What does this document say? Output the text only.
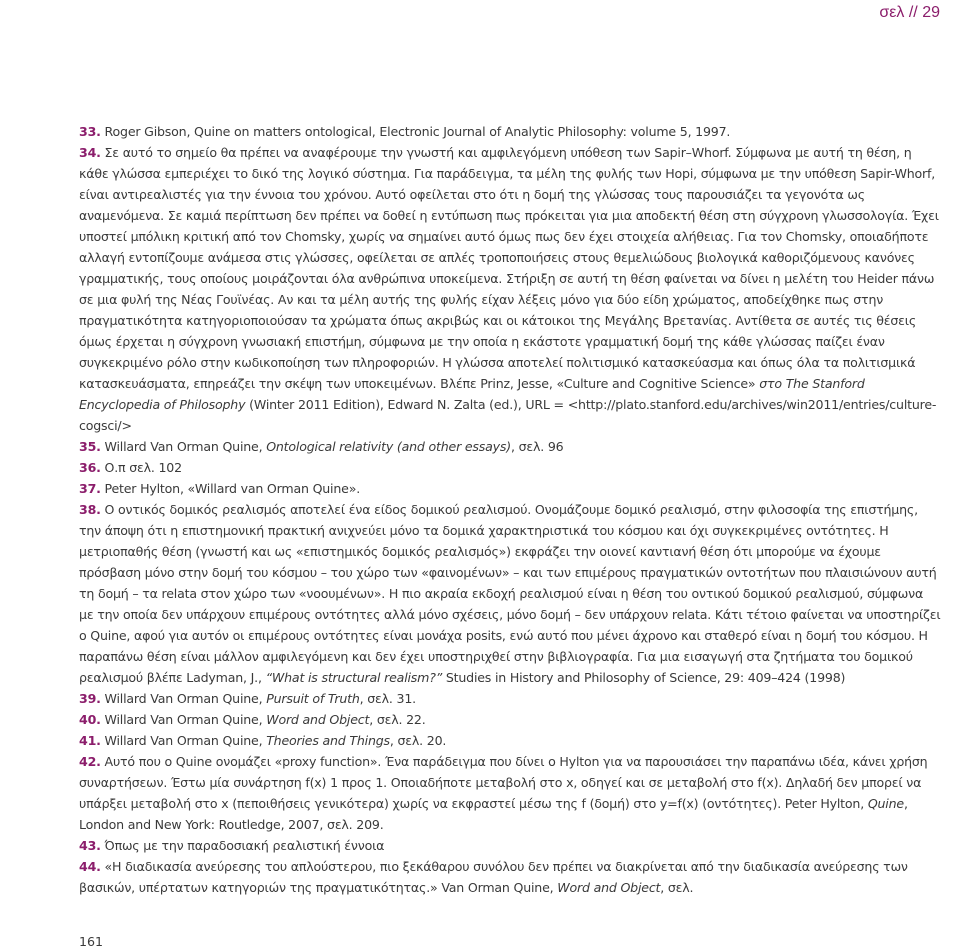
σελ // 29

33. Roger Gibson, Quine on matters ontological, Electronic Journal of Analytic Philosophy: volume 5, 1997.

34. Σε αυτό το σημείο θα πρέπει να αναφέρουμε την γνωστή και αμφιλεγόμενη υπόθεση των Sapir–Whorf. Σύμφωνα με αυτή τη θέση, η κάθε γλώσσα εμπεριέχει το δικό της λογικό σύστημα. Για παράδειγμα, τα μέλη της φυλής των Hopi, σύμφωνα με την υπόθεση Sapir-Whorf, είναι αντιρεαλιστές για την έννοια του χρόνου. Αυτό οφείλεται στο ότι η δομή της γλώσσας τους παρουσιάζει τα γεγονότα ως αναμενόμενα. Σε καμιά περίπτωση δεν πρέπει να δοθεί η εντύπωση πως πρόκειται για μια αποδεκτή θέση στη σύγχρονη γλωσσολογία. Έχει υποστεί μπόλικη κριτική από τον Chomsky, χωρίς να σημαίνει αυτό όμως πως δεν έχει στοιχεία αλήθειας. Για τον Chomsky, οποιαδήποτε αλλαγή εντοπίζουμε ανάμεσα στις γλώσσες, οφείλεται σε απλές τροποποιήσεις στους θεμελιώδους βιολογικά καθοριζόμενους κανόνες γραμματικής, τους οποίους μοιράζονται όλα ανθρώπινα υποκείμενα. Στήριξη σε αυτή τη θέση φαίνεται να δίνει η μελέτη του Heider πάνω σε μια φυλή της Νέας Γουϊνέας. Αν και τα μέλη αυτής της φυλής είχαν λέξεις μόνο για δύο είδη χρώματος, αποδείχθηκε πως στην πραγματικότητα κατηγοριοποιούσαν τα χρώματα όπως ακριβώς και οι κάτοικοι της Μεγάλης Βρετανίας. Αντίθετα σε αυτές τις θέσεις όμως έρχεται η σύγχρονη γνωσιακή επιστήμη, σύμφωνα με την οποία η εκάστοτε γραμματική δομή της κάθε γλώσσας παίζει έναν συγκεκριμένο ρόλο στην κωδικοποίηση των πληροφοριών. Η γλώσσα αποτελεί πολιτισμικό κατασκεύασμα και όπως όλα τα πολιτισμικά κατασκευάσματα, επηρεάζει την σκέψη των υποκειμένων. Βλέπε Prinz, Jesse, «Culture and Cognitive Science» στο The Stanford Encyclopedia of Philosophy (Winter 2011 Edition), Edward N. Zalta (ed.), URL = <http://plato.stanford.edu/archives/win2011/entries/culture-cogsci/>

35. Willard Van Orman Quine, Ontological relativity (and other essays), σελ. 96

36. Ο.π σελ. 102

37. Peter Hylton, «Willard van Orman Quine».

38. Ο οντικός δομικός ρεαλισμός αποτελεί ένα είδος δομικού ρεαλισμού. Ονομάζουμε δομικό ρεαλισμό, στην φιλοσοφία της επιστήμης, την άποψη ότι η επιστημονική πρακτική ανιχνεύει μόνο τα δομικά χαρακτηριστικά του κόσμου και όχι συγκεκριμένες οντότητες. Η μετριοπαθής θέση (γνωστή και ως «επιστημικός δομικός ρεαλισμός») εκφράζει την οιονεί καντιανή θέση ότι μπορούμε να έχουμε πρόσβαση μόνο στην δομή του κόσμου – του χώρο των «φαινομένων» – και των επιμέρους πραγματικών οντοτήτων που πλαισιώνουν αυτή τη δομή – τα relata στον χώρο των «νοουμένων». Η πιο ακραία εκδοχή ρεαλισμού είναι η θέση του οντικού δομικού ρεαλισμού, σύμφωνα με την οποία δεν υπάρχουν επιμέρους οντότητες αλλά μόνο σχέσεις, μόνο δομή – δεν υπάρχουν relata. Κάτι τέτοιο φαίνεται να υποστηρίζει ο Quine, αφού για αυτόν οι επιμέρους οντότητες είναι μονάχα posits, ενώ αυτό που μένει άχρονο και σταθερό είναι η δομή του κόσμου. Η παραπάνω θέση είναι μάλλον αμφιλεγόμενη και δεν έχει υποστηριχθεί στην βιβλιογραφία. Για μια εισαγωγή στα ζητήματα του δομικού ρεαλισμού βλέπε Ladyman, J., “What is structural realism?” Studies in History and Philosophy of Science, 29: 409–424 (1998)

39. Willard Van Orman Quine, Pursuit of Truth, σελ. 31.

40. Willard Van Orman Quine, Word and Object, σελ. 22.

41. Willard Van Orman Quine, Theories and Things, σελ. 20.

42. Αυτό που ο Quine ονομάζει «proxy function». Ένα παράδειγμα που δίνει ο Hylton για να παρουσιάσει την παραπάνω ιδέα, κάνει χρήση συναρτήσεων. Έστω μία συνάρτηση f(x) 1 προς 1. Οποιαδήποτε μεταβολή στο x, οδηγεί και σε μεταβολή στο f(x). Δηλαδή δεν μπορεί να υπάρξει μεταβολή στο x (πεποιθήσεις γενικότερα) χωρίς να εκφραστεί μέσω της f (δομή) στο y=f(x) (οντότητες). Peter Hylton, Quine, London and New York: Routledge, 2007, σελ. 209.

43. Όπως με την παραδοσιακή ρεαλιστική έννοια

44. «Η διαδικασία ανεύρεσης του απλούστερου, πιο ξεκάθαρου συνόλου δεν πρέπει να διακρίνεται από την διαδικασία ανεύρεσης των βασικών, υπέρτατων κατηγοριών της πραγματικότητας.» Van Orman Quine, Word and Object, σελ.

161
